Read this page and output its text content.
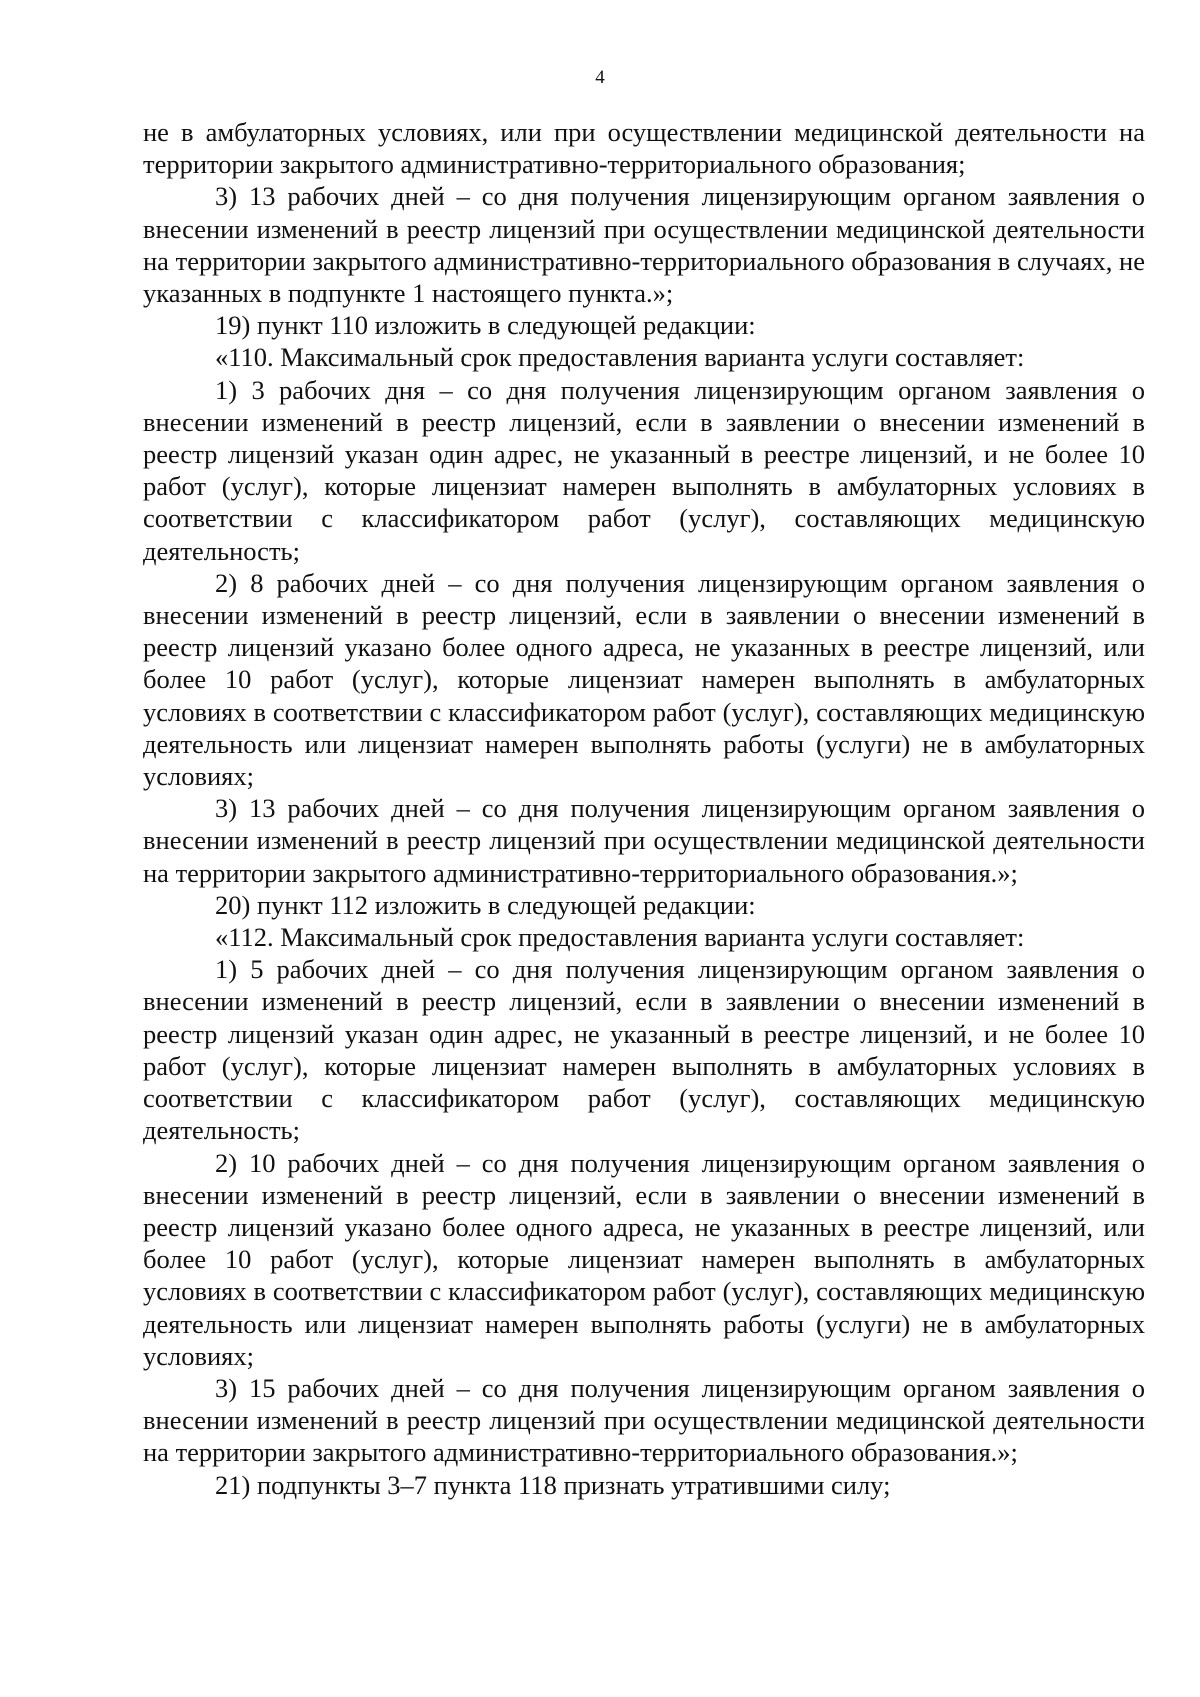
4

не в амбулаторных условиях, или при осуществлении медицинской деятельности на территории закрытого административно-территориального образования;

3) 13 рабочих дней – со дня получения лицензирующим органом заявления о внесении изменений в реестр лицензий при осуществлении медицинской деятельности на территории закрытого административно-территориального образования в случаях, не указанных в подпункте 1 настоящего пункта.»;

19) пункт 110 изложить в следующей редакции:

«110. Максимальный срок предоставления варианта услуги составляет:

1) 3 рабочих дня – со дня получения лицензирующим органом заявления о внесении изменений в реестр лицензий, если в заявлении о внесении изменений в реестр лицензий указан один адрес, не указанный в реестре лицензий, и не более 10 работ (услуг), которые лицензиат намерен выполнять в амбулаторных условиях в соответствии с классификатором работ (услуг), составляющих медицинскую деятельность;

2) 8 рабочих дней – со дня получения лицензирующим органом заявления о внесении изменений в реестр лицензий, если в заявлении о внесении изменений в реестр лицензий указано более одного адреса, не указанных в реестре лицензий, или более 10 работ (услуг), которые лицензиат намерен выполнять в амбулаторных условиях в соответствии с классификатором работ (услуг), составляющих медицинскую деятельность или лицензиат намерен выполнять работы (услуги) не в амбулаторных условиях;

3) 13 рабочих дней – со дня получения лицензирующим органом заявления о внесении изменений в реестр лицензий при осуществлении медицинской деятельности на территории закрытого административно-территориального образования.»;

20) пункт 112 изложить в следующей редакции:

«112. Максимальный срок предоставления варианта услуги составляет:

1) 5 рабочих дней – со дня получения лицензирующим органом заявления о внесении изменений в реестр лицензий, если в заявлении о внесении изменений в реестр лицензий указан один адрес, не указанный в реестре лицензий, и не более 10 работ (услуг), которые лицензиат намерен выполнять в амбулаторных условиях в соответствии с классификатором работ (услуг), составляющих медицинскую деятельность;

2) 10 рабочих дней – со дня получения лицензирующим органом заявления о внесении изменений в реестр лицензий, если в заявлении о внесении изменений в реестр лицензий указано более одного адреса, не указанных в реестре лицензий, или более 10 работ (услуг), которые лицензиат намерен выполнять в амбулаторных условиях в соответствии с классификатором работ (услуг), составляющих медицинскую деятельность или лицензиат намерен выполнять работы (услуги) не в амбулаторных условиях;

3) 15 рабочих дней – со дня получения лицензирующим органом заявления о внесении изменений в реестр лицензий при осуществлении медицинской деятельности на территории закрытого административно-территориального образования.»;

21) подпункты 3–7 пункта 118 признать утратившими силу;
